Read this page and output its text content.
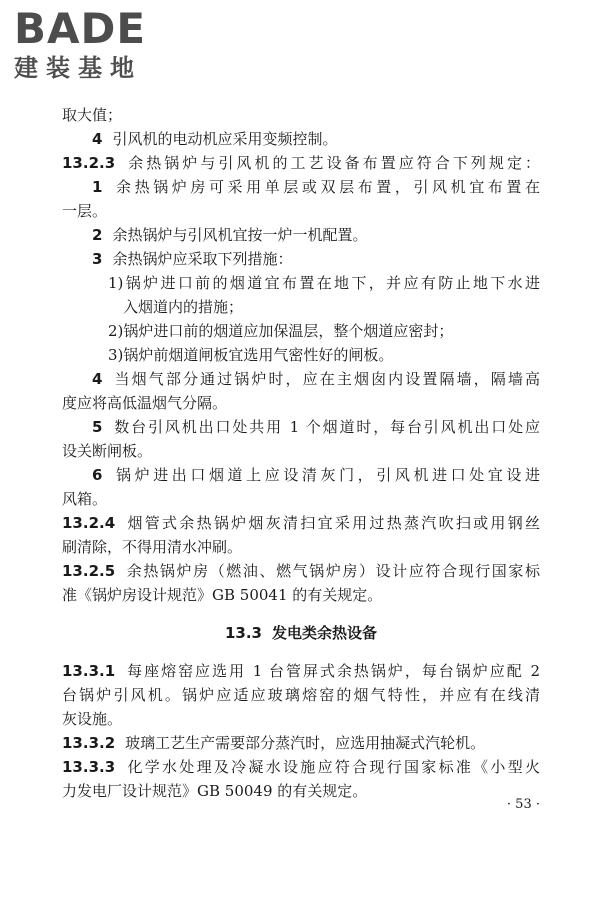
BADE
建装基地
取大值；
4 引风机的电动机应采用变频控制。
13.2.3 余热锅炉与引风机的工艺设备布置应符合下列规定：
1 余热锅炉房可采用单层或双层布置，引风机宜布置在
一层。
2 余热锅炉与引风机宜按一炉一机配置。
3 余热锅炉应采取下列措施：
1)锅炉进口前的烟道宜布置在地下，并应有防止地下水进
入烟道内的措施；
2)锅炉进口前的烟道应加保温层，整个烟道应密封；
3)锅炉前烟道闸板宜选用气密性好的闸板。
4 当烟气部分通过锅炉时，应在主烟囱内设置隔墙，隔墙高
度应将高低温烟气分隔。
5 数台引风机出口处共用 1 个烟道时，每台引风机出口处应
设关断闸板。
6 锅炉进出口烟道上应设清灰门，引风机进口处宜设进
风箱。
13.2.4 烟管式余热锅炉烟灰清扫宜采用过热蒸汽吹扫或用钢丝
刷清除，不得用清水冲刷。
13.2.5 余热锅炉房（燃油、燃气锅炉房）设计应符合现行国家标
准《锅炉房设计规范》GB 50041 的有关规定。
13.3 发电类余热设备
13.3.1 每座熔窑应选用 1 台管屏式余热锅炉，每台锅炉应配 2
台锅炉引风机。锅炉应适应玻璃熔窑的烟气特性，并应有在线清
灰设施。
13.3.2 玻璃工艺生产需要部分蒸汽时，应选用抽凝式汽轮机。
13.3.3 化学水处理及冷凝水设施应符合现行国家标准《小型火
力发电厂设计规范》GB 50049 的有关规定。
· 53 ·
